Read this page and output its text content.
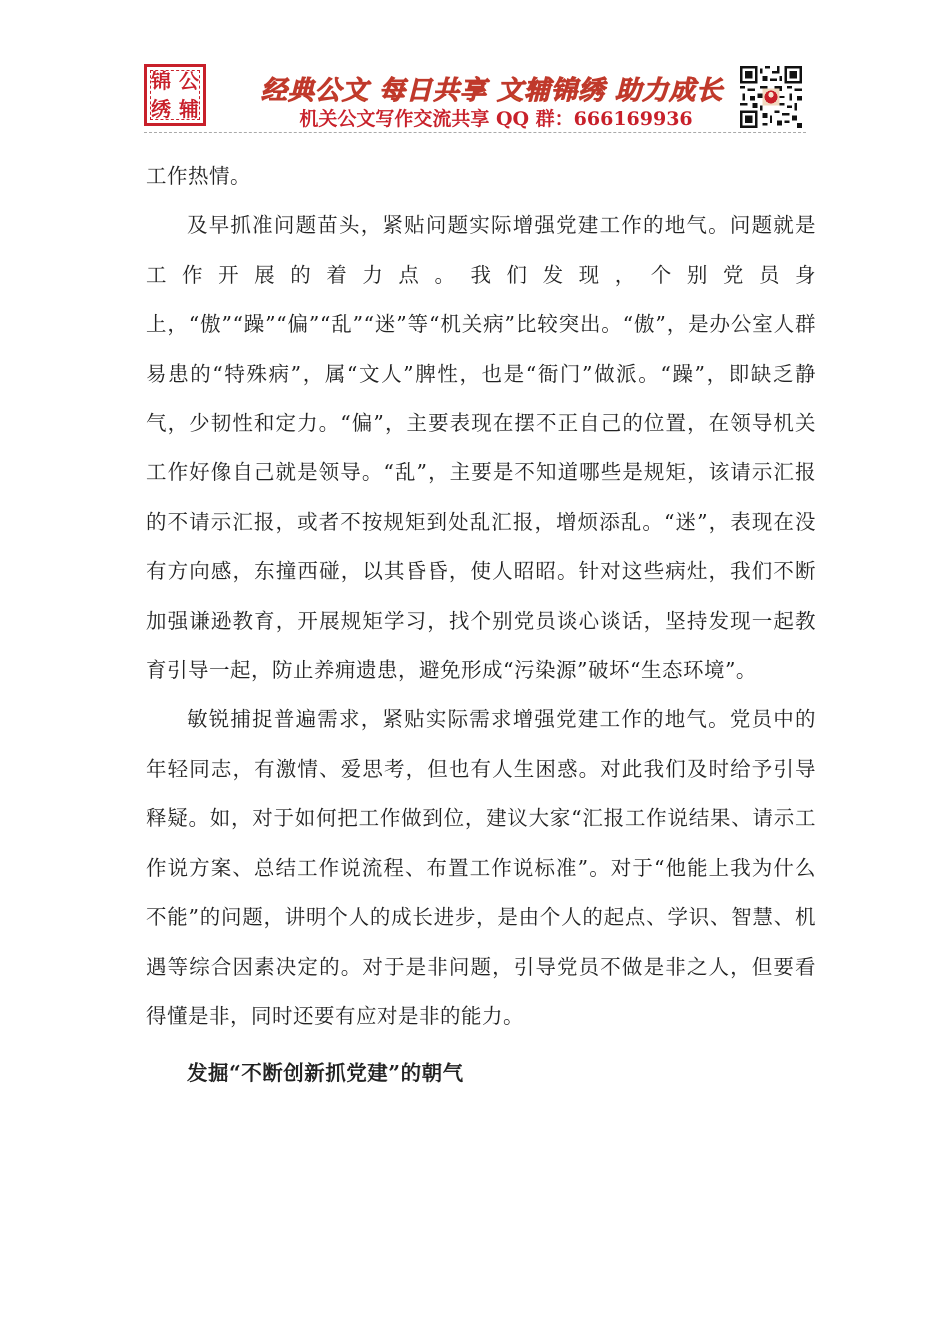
锦 公
绣 辅
经典公文 每日共享 文辅锦绣 助力成长
机关公文写作交流共享 QQ 群：666169936

工作热情。

及早抓准问题苗头，紧贴问题实际增强党建工作的地气。问题就是工作开展的着力点。我们发现，个别党员身上，“傲”“躁”“偏”“乱”“迷”等“机关病”比较突出。“傲”，是办公室人群易患的“特殊病”，属“文人”脾性，也是“衙门”做派。“躁”，即缺乏静气，少韧性和定力。“偏”，主要表现在摆不正自己的位置，在领导机关工作好像自己就是领导。“乱”，主要是不知道哪些是规矩，该请示汇报的不请示汇报，或者不按规矩到处乱汇报，增烦添乱。“迷”，表现在没有方向感，东撞西碰，以其昏昏，使人昭昭。针对这些病灶，我们不断加强谦逊教育，开展规矩学习，找个别党员谈心谈话，坚持发现一起教育引导一起，防止养痈遗患，避免形成“污染源”破坏“生态环境”。

敏锐捕捉普遍需求，紧贴实际需求增强党建工作的地气。党员中的年轻同志，有激情、爱思考，但也有人生困惑。对此我们及时给予引导释疑。如，对于如何把工作做到位，建议大家“汇报工作说结果、请示工作说方案、总结工作说流程、布置工作说标准”。对于“他能上我为什么不能”的问题，讲明个人的成长进步，是由个人的起点、学识、智慧、机遇等综合因素决定的。对于是非问题，引导党员不做是非之人，但要看得懂是非，同时还要有应对是非的能力。

发掘“不断创新抓党建”的朝气
